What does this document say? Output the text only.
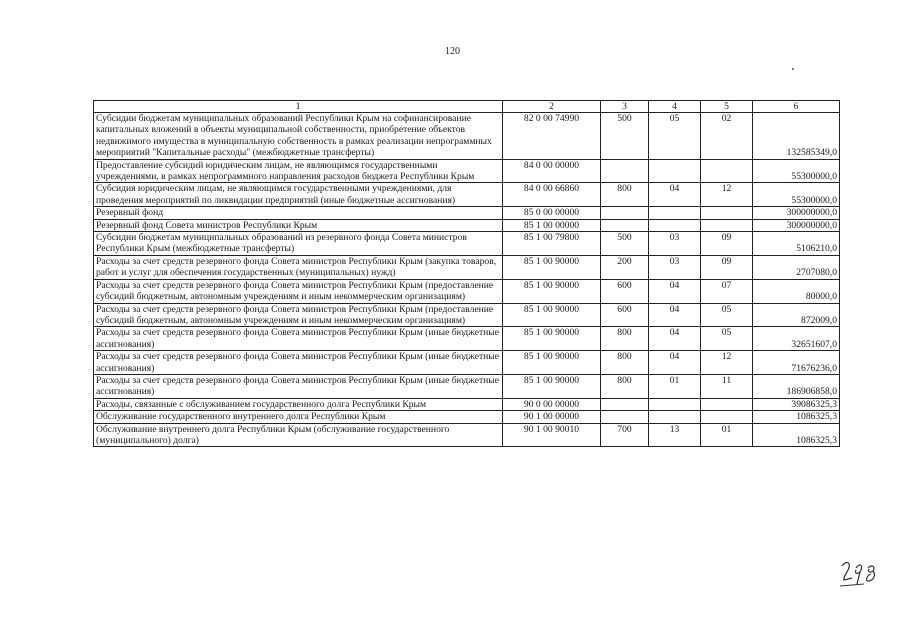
120
1	2	3	4	5	6
Субсидии бюджетам муниципальных образований Республики Крым на софинансирование капитальных вложений в объекты муниципальной собственности, приобретение объектов недвижимого имущества в муниципальную собственность в рамках реализации непрограммных мероприятий "Капитальные расходы" (межбюджетные трансферты)	82 0 00 74990	500	05	02	132585349,0
Предоставление субсидий юридическим лицам, не являющимся государственными учреждениями, в рамках непрограммного направления расходов бюджета Республики Крым	84 0 00 00000				55300000,0
Субсидия юридическим лицам, не являющимся государственными учреждениями, для проведения мероприятий по ликвидации предприятий (иные бюджетные ассигнования)	84 0 00 66860	800	04	12	55300000,0
Резервный фонд	85 0 00 00000				300000000,0
Резервный фонд Совета министров Республики Крым	85 1 00 00000				300000000,0
Субсидии бюджетам муниципальных образований из резервного фонда Совета министров Республики Крым (межбюджетные трансферты)	85 1 00 79800	500	03	09	5106210,0
Расходы за счет средств резервного фонда Совета министров Республики Крым (закупка товаров, работ и услуг для обеспечения государственных (муниципальных) нужд)	85 1 00 90000	200	03	09	2707080,0
Расходы за счет средств резервного фонда Совета министров Республики Крым (предоставление субсидий бюджетным, автономным учреждениям и иным некоммерческим организациям)	85 1 00 90000	600	04	07	80000,0
Расходы за счет средств резервного фонда Совета министров Республики Крым (предоставление субсидий бюджетным, автономным учреждениям и иным некоммерческим организациям)	85 1 00 90000	600	04	05	872009,0
Расходы за счет средств резервного фонда Совета министров Республики Крым (иные бюджетные ассигнования)	85 1 00 90000	800	04	05	32651607,0
Расходы за счет средств резервного фонда Совета министров Республики Крым (иные бюджетные ассигнования)	85 1 00 90000	800	04	12	71676236,0
Расходы за счет средств резервного фонда Совета министров Республики Крым (иные бюджетные ассигнования)	85 1 00 90000	800	01	11	186906858,0
Расходы, связанные с обслуживанием государственного долга Республики Крым	90 0 00 00000				39086325,3
Обслуживание государственного внутреннего долга Республики Крым	90 1 00 00000				1086325,3
Обслуживание внутреннего долга Республики Крым (обслуживание государственного (муниципального) долга)	90 1 00 90010	700	13	01	1086325,3
